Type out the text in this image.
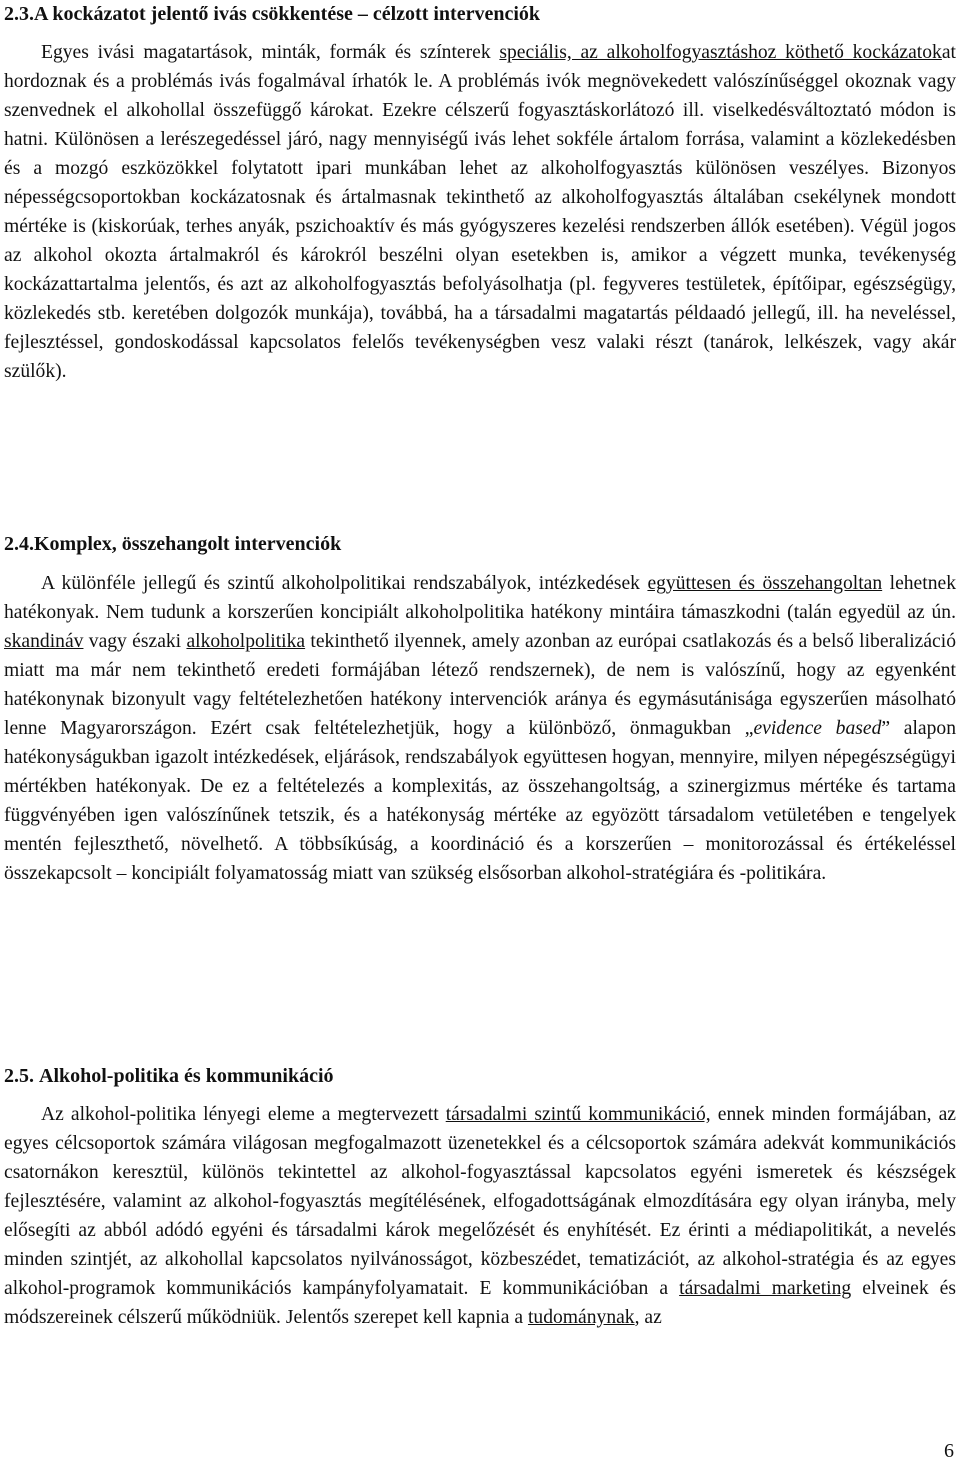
2.3.A kockázatot jelentő ivás csökkentése – célzott intervenciók

Egyes ivási magatartások, minták, formák és színterek speciális, az alkoholfogyasztáshoz köthető kockázatokat hordoznak és a problémás ivás fogalmával írhatók le. A problémás ivók megnövekedett valószínűséggel okoznak vagy szenvednek el alkohollal összefüggő károkat. Ezekre célszerű fogyasztáskorlátozó ill. viselkedésváltoztató módon is hatni. Különösen a lerészegedéssel járó, nagy mennyiségű ivás lehet sokféle ártalom forrása, valamint a közlekedésben és a mozgó eszközökkel folytatott ipari munkában lehet az alkoholfogyasztás különösen veszélyes. Bizonyos népességcsoportokban kockázatosnak és ártalmasnak tekinthető az alkoholfogyasztás általában csekélynek mondott mértéke is (kiskorúak, terhes anyák, pszichoaktív és más gyógyszeres kezelési rendszerben állók esetében). Végül jogos az alkohol okozta ártalmakról és károkról beszélni olyan esetekben is, amikor a végzett munka, tevékenység kockázattartalma jelentős, és azt az alkoholfogyasztás befolyásolhatja (pl. fegyveres testületek, építőipar, egészségügy, közlekedés stb. keretében dolgozók munkája), továbbá, ha a társadalmi magatartás példaadó jellegű, ill. ha neveléssel, fejlesztéssel, gondoskodással kapcsolatos felelős tevékenységben vesz valaki részt (tanárok, lelkészek, vagy akár szülők).

2.4.Komplex, összehangolt intervenciók

A különféle jellegű és szintű alkoholpolitikai rendszabályok, intézkedések együttesen és összehangoltan lehetnek hatékonyak. Nem tudunk a korszerűen koncipiált alkoholpolitika hatékony mintáira támaszkodni (talán egyedül az ún. skandináv vagy északi alkoholpolitika tekinthető ilyennek, amely azonban az európai csatlakozás és a belső liberalizáció miatt ma már nem tekinthető eredeti formájában létező rendszernek), de nem is valószínű, hogy az egyenként hatékonynak bizonyult vagy feltételezhetően hatékony intervenciók aránya és egymásutánisága egyszerűen másolható lenne Magyarországon. Ezért csak feltételezhetjük, hogy a különböző, önmagukban „evidence based” alapon hatékonyságukban igazolt intézkedések, eljárások, rendszabályok együttesen hogyan, mennyire, milyen népegészségügyi mértékben hatékonyak. De ez a feltételezés a komplexitás, az összehangoltság, a szinergizmus mértéke és tartama függvényében igen valószínűnek tetszik, és a hatékonyság mértéke az egyözött társadalom vetületében e tengelyek mentén fejleszthető, növelhető. A többsíkúság, a koordináció és a korszerűen – monitorozással és értékeléssel összekapcsolt – koncipiált folyamatosság miatt van szükség elsősorban alkohol-stratégiára és -politikára.

2.5. Alkohol-politika és kommunikáció

Az alkohol-politika lényegi eleme a megtervezett társadalmi szintű kommunikáció, ennek minden formájában, az egyes célcsoportok számára világosan megfogalmazott üzenetekkel és a célcsoportok számára adekvát kommunikációs csatornákon keresztül, különös tekintettel az alkohol-fogyasztással kapcsolatos egyéni ismeretek és készségek fejlesztésére, valamint az alkohol-fogyasztás megítélésének, elfogadottságának elmozdítására egy olyan irányba, mely elősegíti az abból adódó egyéni és társadalmi károk megelőzését és enyhítését. Ez érinti a médiapolitikát, a nevelés minden szintjét, az alkohollal kapcsolatos nyilvánosságot, közbeszédet, tematizációt, az alkohol-stratégia és az egyes alkohol-programok kommunikációs kampányfolyamatait. E kommunikációban a társadalmi marketing elveinek és módszereinek célszerű működniük. Jelentős szerepet kell kapnia a tudománynak, az

6
